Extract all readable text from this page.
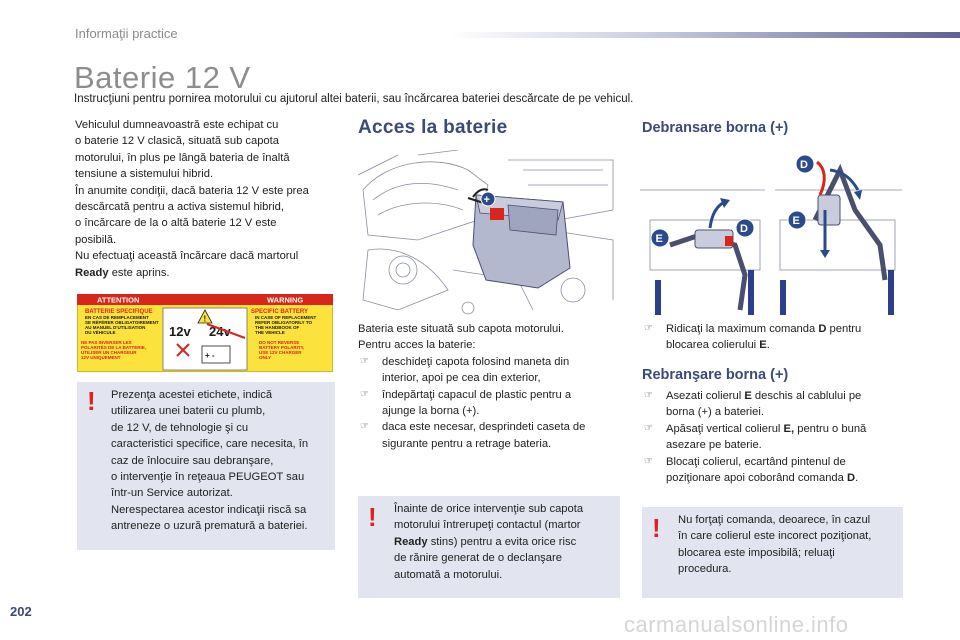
Informaţii practice
Baterie 12 V
Instrucţiuni pentru pornirea motorului cu ajutorul altei baterii, sau încărcarea bateriei descărcate de pe vehicul.
Vehiculul dumneavoastră este echipat cu
o baterie 12 V clasică, situată sub capota
motorului, în plus pe lângă bateria de înaltă
tensiune a sistemului hibrid.
În anumite condiţii, dacă bateria 12 V este prea
descărcată pentru a activa sistemul hibrid,
o încărcare de la o altă baterie 12 V este
posibilă.
Nu efectuaţi această încărcare dacă martorul
Ready este aprins.
ATTENTION	WARNING
BATTERIE SPECIFIQUE
EN CAS DE REMPLACEMENT
SE RÉFÉRER OBLIGATOIREMENT
AU MANUEL D'UTILISATION
DU VÉHICULE
NE PAS INVERSER LES
POLARITÉS DE LA BATTERIE,
UTILISER UN CHARGEUR
12V UNIQUEMENT
!
12v 24v
+ -
SPECIFIC BATTERY
IN CASE OF REPLACEMENT
REFER OBLIGATORILY TO
THE HANDBOOK OF
THE VEHICLE
DO NOT REVERSE
BATTERY POLARITY,
USE 12V CHARGER
ONLY
! Prezenţa acestei etichete, indică
utilizarea unei baterii cu plumb,
de 12 V, de tehnologie şi cu
caracteristici specifice, care necesita, în
caz de înlocuire sau debranşare,
o intervenţie în reţeaua PEUGEOT sau
într-un Service autorizat.
Nerespectarea acestor indicaţii riscă sa
antreneze o uzură prematură a bateriei.
Acces la baterie
+
Bateria este situată sub capota motorului.
Pentru acces la baterie:
☞ deschideţi capota folosind maneta din
interior, apoi pe cea din exterior,
☞ îndepărtaţi capacul de plastic pentru a
ajunge la borna (+).
☞ daca este necesar, desprindeti caseta de
sigurante pentru a retrage bateria.
! Înainte de orice intervenţie sub capota
motorului întrerupeţi contactul (martor
Ready stins) pentru a evita orice risc
de rănire generat de o declanşare
automată a motorului.
Debransare borna (+)
E
D
D
E
☞ Ridicaţi la maximum comanda D pentru
blocarea colierului E.
Rebranşare borna (+)
☞ Asezati colierul E deschis al cablului pe
borna (+) a bateriei.
☞ Apăsaţi vertical colierul E, pentru o bună
asezare pe baterie.
☞ Blocaţi colierul, ecartând pintenul de
poziţionare apoi coborând comanda D.
! Nu forţaţi comanda, deoarece, în cazul
în care colierul este incorect poziţionat,
blocarea este imposibilă; reluaţi
procedura.
202
carmanualsonline.info
